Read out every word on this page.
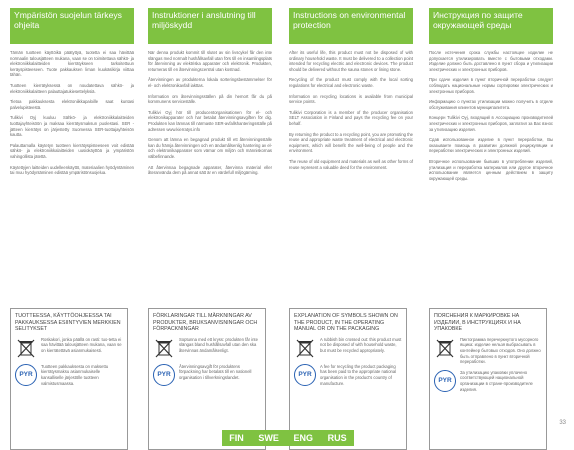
Ympäristön suojelun tärkeys ohjeita

Tämän tuotteen käyttöikä päätyttyä, tuotetta ei saa hävittää normaalin talousjätteen mukana, vaan se on toimitettava sähkö- ja elektroniikkalaitteiden kierrätykseen tarkoitettuun keräyspisteeseen. Tuote pakkauksen liman kuukäsikirja viittaa tähän.

Tuotteen kierrätyksessä on noudatettava sähkö- ja elektroniikkalaitteen palauttajatukiesettelyksiä.

Tietoa pakkauksesta elektroniikkapaloille saat kuntasi palvelupisteestä.

Tulikivi Oyj kuuluu Sähkö- ja elektroniikkalaitteiden tuottajayhteisöön ja maksaa kierrätysmaksun puolestasi. SER -jätteen kierrätys on järjestetty Suomessa SER-tuottajayhteisön kautta.

Palauttamalla käytetyn tuotteen kierrätyspisteeseen voit edistää sähkö- ja elektroniikkalaitteiden uusiokäyttöä ja ympäristön vahingollista jätettä.

Käytettyjen laitteiden uudelleenkäyttö, materiaalien hyödyntäminen tai muu hyödyntäminen edistää ympäristönsuojelua.

Instruktioner i anslutning till miljöskydd

När denna produkt kommit till slutet av sin livscykel får den inte slängas med normalt hushållsavfall utan förs till en insamlingsplats för återvinning av elektriska apparater och elektronik. Produkten, returneras till en återvinningscentral utan kostnad.

Återvinningen av produkterna lokala sorteringsbestämmelser för el- och elektronikavfall iakttas.

Information om återvinningsställen på din hemort får du på kommunens serviceställe.

Tulikivi Oyj hör till producentorganisationen för el- och elektronikapparater och har betalat återvinningsavgiften för dig. Produkten kan lämnas till närmaste SER-avfallshanteringsställe på adressen www.kierratys.info

Genom att lämna en begagnad produkt till ett återvinningsställe kan du främja återvinningen och en ändamålsenlig hantering av el- och elektronikapparater som värnar om miljön och människornas välbefinnande.

Att återvinnaa begagnade apparater, återvinna material eller återanvända dem på annat sätt är en värdefull miljögärning.

Instructions on environmental protection

After its useful life, this product must not be disposed of with ordinary household waste. It must be delivered to a collection point intended for recycling electric and electronic devices. The product should be delivered without the sauna stones or lining stone.

Recycling of the product must comply with the local sorting regulations for electrical and electronic waste.

Information on recycling locations is available from municipal service points.

Tulikivi Corporation is a member of the producer organisation SELT Association in Finland and pays the recycling fee on your behalf.

By returning the product to a recycling point, you are promoting the reuse and appropriate waste treatment of electrical and electronic equipment, which will benefit the well-being of people and the environment.

The reuse of old equipment and materials as well as other forms of reuse represent a valuable deed for the environment.

Инструкция по защите окружающей среды

После истечения срока службы настоящее изделие не допускается утилизировать вместе с бытовыми отходами. Изделие должно быть доставлено в пункт сбора и утилизации электрических и электронных приборов.

При сдаче изделия в пункт вторичной переработки следует соблюдать национальные нормы сортировки электрических и электронных приборов.

Информацию о пунктах утилизации можно получить в отделе обслуживания клиентов муниципалитета.

Концерн Tulikivi Oyj, входящий в Ассоциацию производителей электрических и электронных приборов, заплатил за Вас взнос за утилизацию изделия.

Сдав использованное изделие в пункт переработки, Вы оказываете помощь в развитии должной рециркуляции и переработки электрических и электронных изделий.

Вторичное использование бывших в употреблении изделий, утилизация и переработка материалов или другое вторичное использование является ценным действием в защиту окружающей среды.

TUOTTEESSA, KÄYTTÖOHJEESSA TAI PAKKAUKSESSA ESIINTYVIEN MERKKIEN SELITYKSET
Roskakori, jonka päällä on rasti: tuo-tetta ei saa hävittää talousjätteen mukana, vaan se on kierrätettävä asianmukaisesti.
PYR
Tuotteen pakkauksesta on maksettu kierrätysmaksu asianmukaiselle kansalliselle järjestölle tuotteen valmistusmaassa.
FÖRKLARINGAR TILL MÄRKNINGAR AV PRODUKTER, BRUKSANVISNINGAR OCH FÖRPACKNINGAR
Soptunna med ett kryss: produkten får inte slängas bland hushållsavfall utan den ska återvinnas ändamålsenligt.
PYR
Återvinningsavgift för produktens förpackning har betalats till en nationell organisation i tillverkningslandet.
EXPLANATION OF SYMBOLS SHOWN ON THE PRODUCT, IN THE OPERATING MANUAL OR ON THE PACKAGING
A rubbish bin crossed out: this product must not be disposed of with household waste, but must be recycled appropriately.
PYR
A fee for recycling the product packaging has been paid to the appropriate national organisation in the product's country of manufacture.
ПОЯСНЕНИЯ К МАРКИРОВКЕ НА ИЗДЕЛИИ, В ИНСТРУКЦИЯХ И НА УПАКОВКЕ
Пиктограмма перечеркнутого мусорного ящика: изделие нельзя выбрасывать в контейнер бытовых отходов. Оно должно быть отправлено в пункт вторичной переработки.
PYR
За утилизацию упаковки уплачено соответствующей национальной организации в стране-производителе изделия.
FIN SWE ENG RUS
33
